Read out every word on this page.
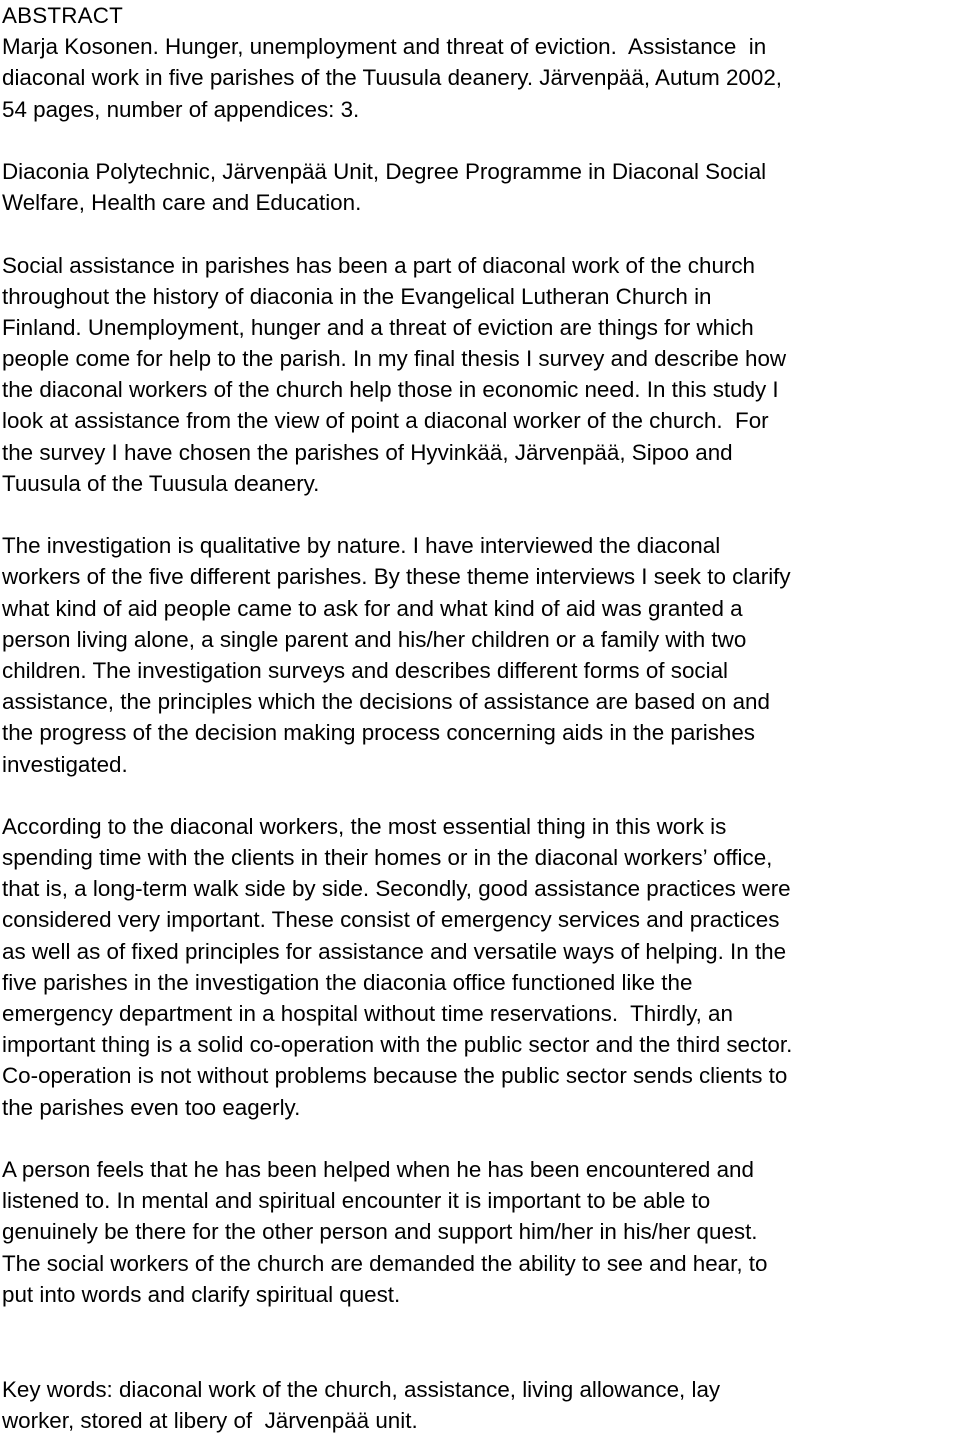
ABSTRACT
Marja Kosonen. Hunger, unemployment and threat of eviction.  Assistance  in
diaconal work in five parishes of the Tuusula deanery. Järvenpää, Autum 2002,
54 pages, number of appendices: 3.
Diaconia Polytechnic, Järvenpää Unit, Degree Programme in Diaconal Social
Welfare, Health care and Education.
Social assistance in parishes has been a part of diaconal work of the church
throughout the history of diaconia in the Evangelical Lutheran Church in
Finland. Unemployment, hunger and a threat of eviction are things for which
people come for help to the parish. In my final thesis I survey and describe how
the diaconal workers of the church help those in economic need. In this study I
look at assistance from the view of point a diaconal worker of the church.  For
the survey I have chosen the parishes of Hyvinkää, Järvenpää, Sipoo and
Tuusula of the Tuusula deanery.
The investigation is qualitative by nature. I have interviewed the diaconal
workers of the five different parishes. By these theme interviews I seek to clarify
what kind of aid people came to ask for and what kind of aid was granted a
person living alone, a single parent and his/her children or a family with two
children. The investigation surveys and describes different forms of social
assistance, the principles which the decisions of assistance are based on and
the progress of the decision making process concerning aids in the parishes
investigated.
According to the diaconal workers, the most essential thing in this work is
spending time with the clients in their homes or in the diaconal workers’ office,
that is, a long-term walk side by side. Secondly, good assistance practices were
considered very important. These consist of emergency services and practices
as well as of fixed principles for assistance and versatile ways of helping. In the
five parishes in the investigation the diaconia office functioned like the
emergency department in a hospital without time reservations.  Thirdly, an
important thing is a solid co-operation with the public sector and the third sector.
Co-operation is not without problems because the public sector sends clients to
the parishes even too eagerly.
A person feels that he has been helped when he has been encountered and
listened to. In mental and spiritual encounter it is important to be able to
genuinely be there for the other person and support him/her in his/her quest.
The social workers of the church are demanded the ability to see and hear, to
put into words and clarify spiritual quest.
Key words: diaconal work of the church, assistance, living allowance, lay
worker, stored at libery of  Järvenpää unit.
